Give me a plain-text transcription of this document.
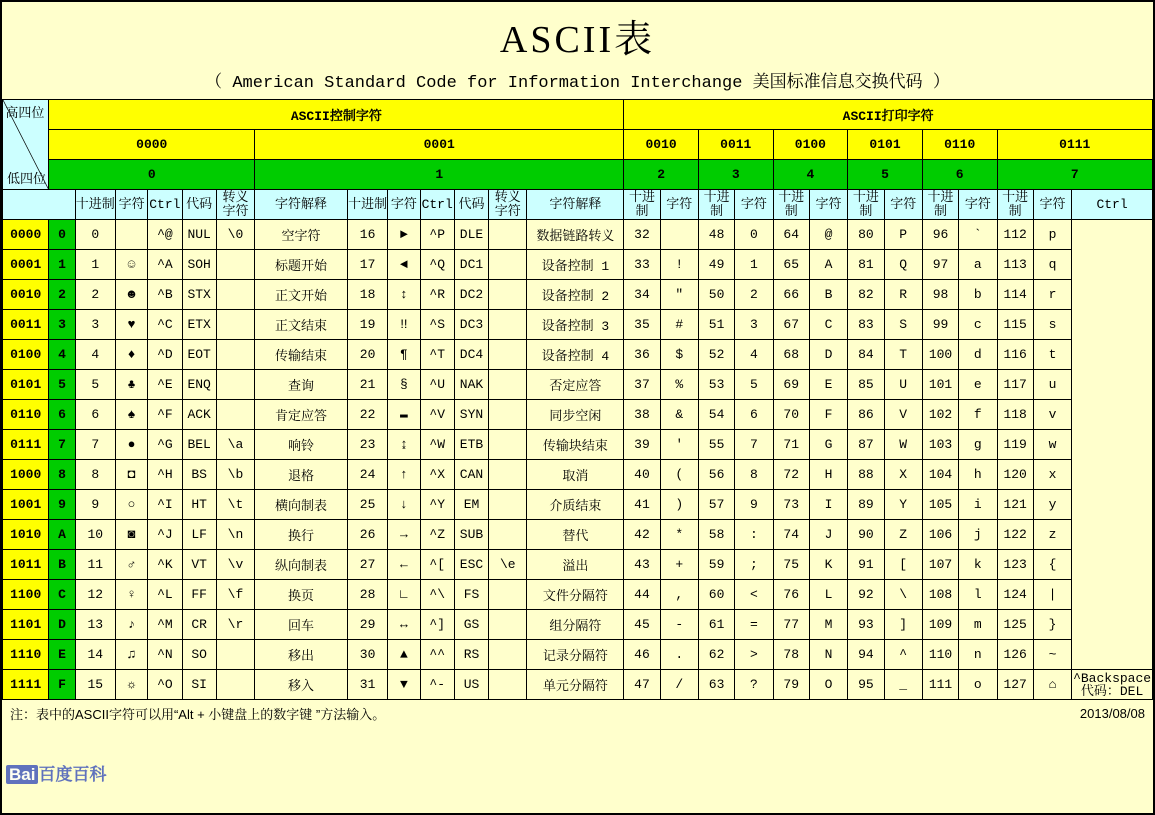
ASCII表
（ American Standard Code for Information Interchange 美国标准信息交换代码 ）
高四位
低四位	ASCII控制字符													ASCII打印字符												
	0000						0001							0010		0011		0100		0101		0110		0111		
	0						1							2		3		4		5		6		7		
		十进制	字符	Ctrl	代码	转义字符	字符解释	十进制	字符	Ctrl	代码	转义字符	字符解释	十进制	字符	十进制	字符	十进制	字符	十进制	字符	十进制	字符	十进制	字符	Ctrl
0000	0	0		^@	NUL	\0	空字符	16	►	^P	DLE		数据链路转义	32		48	0	64	@	80	P	96	`	112	p	
0001	1	1	☺	^A	SOH		标题开始	17	◄	^Q	DC1		设备控制 1	33	!	49	1	65	A	81	Q	97	a	113	q	
0010	2	2	☻	^B	STX		正文开始	18	↕	^R	DC2		设备控制 2	34	"	50	2	66	B	82	R	98	b	114	r	
0011	3	3	♥	^C	ETX		正文结束	19	‼	^S	DC3		设备控制 3	35	#	51	3	67	C	83	S	99	c	115	s	
0100	4	4	♦	^D	EOT		传输结束	20	¶	^T	DC4		设备控制 4	36	$	52	4	68	D	84	T	100	d	116	t	
0101	5	5	♣	^E	ENQ		查询	21	§	^U	NAK		否定应答	37	%	53	5	69	E	85	U	101	e	117	u	
0110	6	6	♠	^F	ACK		肯定应答	22	▬	^V	SYN		同步空闲	38	&	54	6	70	F	86	V	102	f	118	v	
0111	7	7	●	^G	BEL	\a	响铃	23	↨	^W	ETB		传输块结束	39	'	55	7	71	G	87	W	103	g	119	w	
1000	8	8	◘	^H	BS	\b	退格	24	↑	^X	CAN		取消	40	(	56	8	72	H	88	X	104	h	120	x	
1001	9	9	○	^I	HT	\t	横向制表	25	↓	^Y	EM		介质结束	41	)	57	9	73	I	89	Y	105	i	121	y	
1010	A	10	◙	^J	LF	\n	换行	26	→	^Z	SUB		替代	42	*	58	:	74	J	90	Z	106	j	122	z	
1011	B	11	♂	^K	VT	\v	纵向制表	27	←	^[	ESC	\e	溢出	43	+	59	;	75	K	91	[	107	k	123	{	
1100	C	12	♀	^L	FF	\f	换页	28	∟	^\	FS		文件分隔符	44	,	60	<	76	L	92	\	108	l	124	|	
1101	D	13	♪	^M	CR	\r	回车	29	↔	^]	GS		组分隔符	45	-	61	=	77	M	93	]	109	m	125	}	
1110	E	14	♫	^N	SO		移出	30	▲	^^	RS		记录分隔符	46	.	62	>	78	N	94	^	110	n	126	~	
1111	F	15	☼	^O	SI		移入	31	▼	^-	US		单元分隔符	47	/	63	?	79	O	95	_	111	o	127	⌂	^Backspace
代码：DEL
注：表中的ASCII字符可以用“Alt + 小键盘上的数字键 ”方法输入。	2013/08/08
Bai 百度百科
